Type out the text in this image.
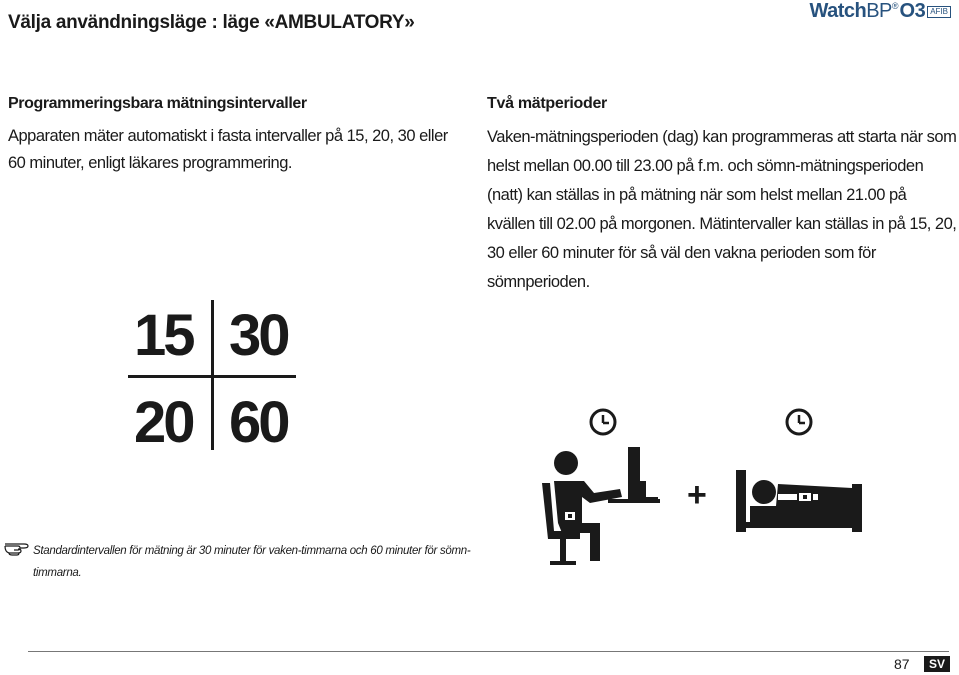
Välja användningsläge : läge «AMBULATORY»
Watch BP ® O3 AFIB
Programmeringsbara mätningsintervaller
Apparaten mäter automatiskt i fasta intervaller på 15, 20, 30 eller 60 minuter, enligt läkares programmering.
Två mätperioder
Vaken-mätningsperioden (dag) kan programmeras att starta när som helst mellan 00.00 till 23.00 på f.m. och sömn-mätningsperioden (natt) kan ställas in på mätning när som helst mellan 21.00 på kvällen till 02.00 på morgonen. Mätintervaller kan ställas in på 15, 20, 30 eller 60 minuter för så väl den vakna perioden som för sömnperioden.
15 30
20 60
+
Standardintervallen för mätning är 30 minuter för vaken-timmarna och 60 minuter för sömn-timmarna.
87	SV
